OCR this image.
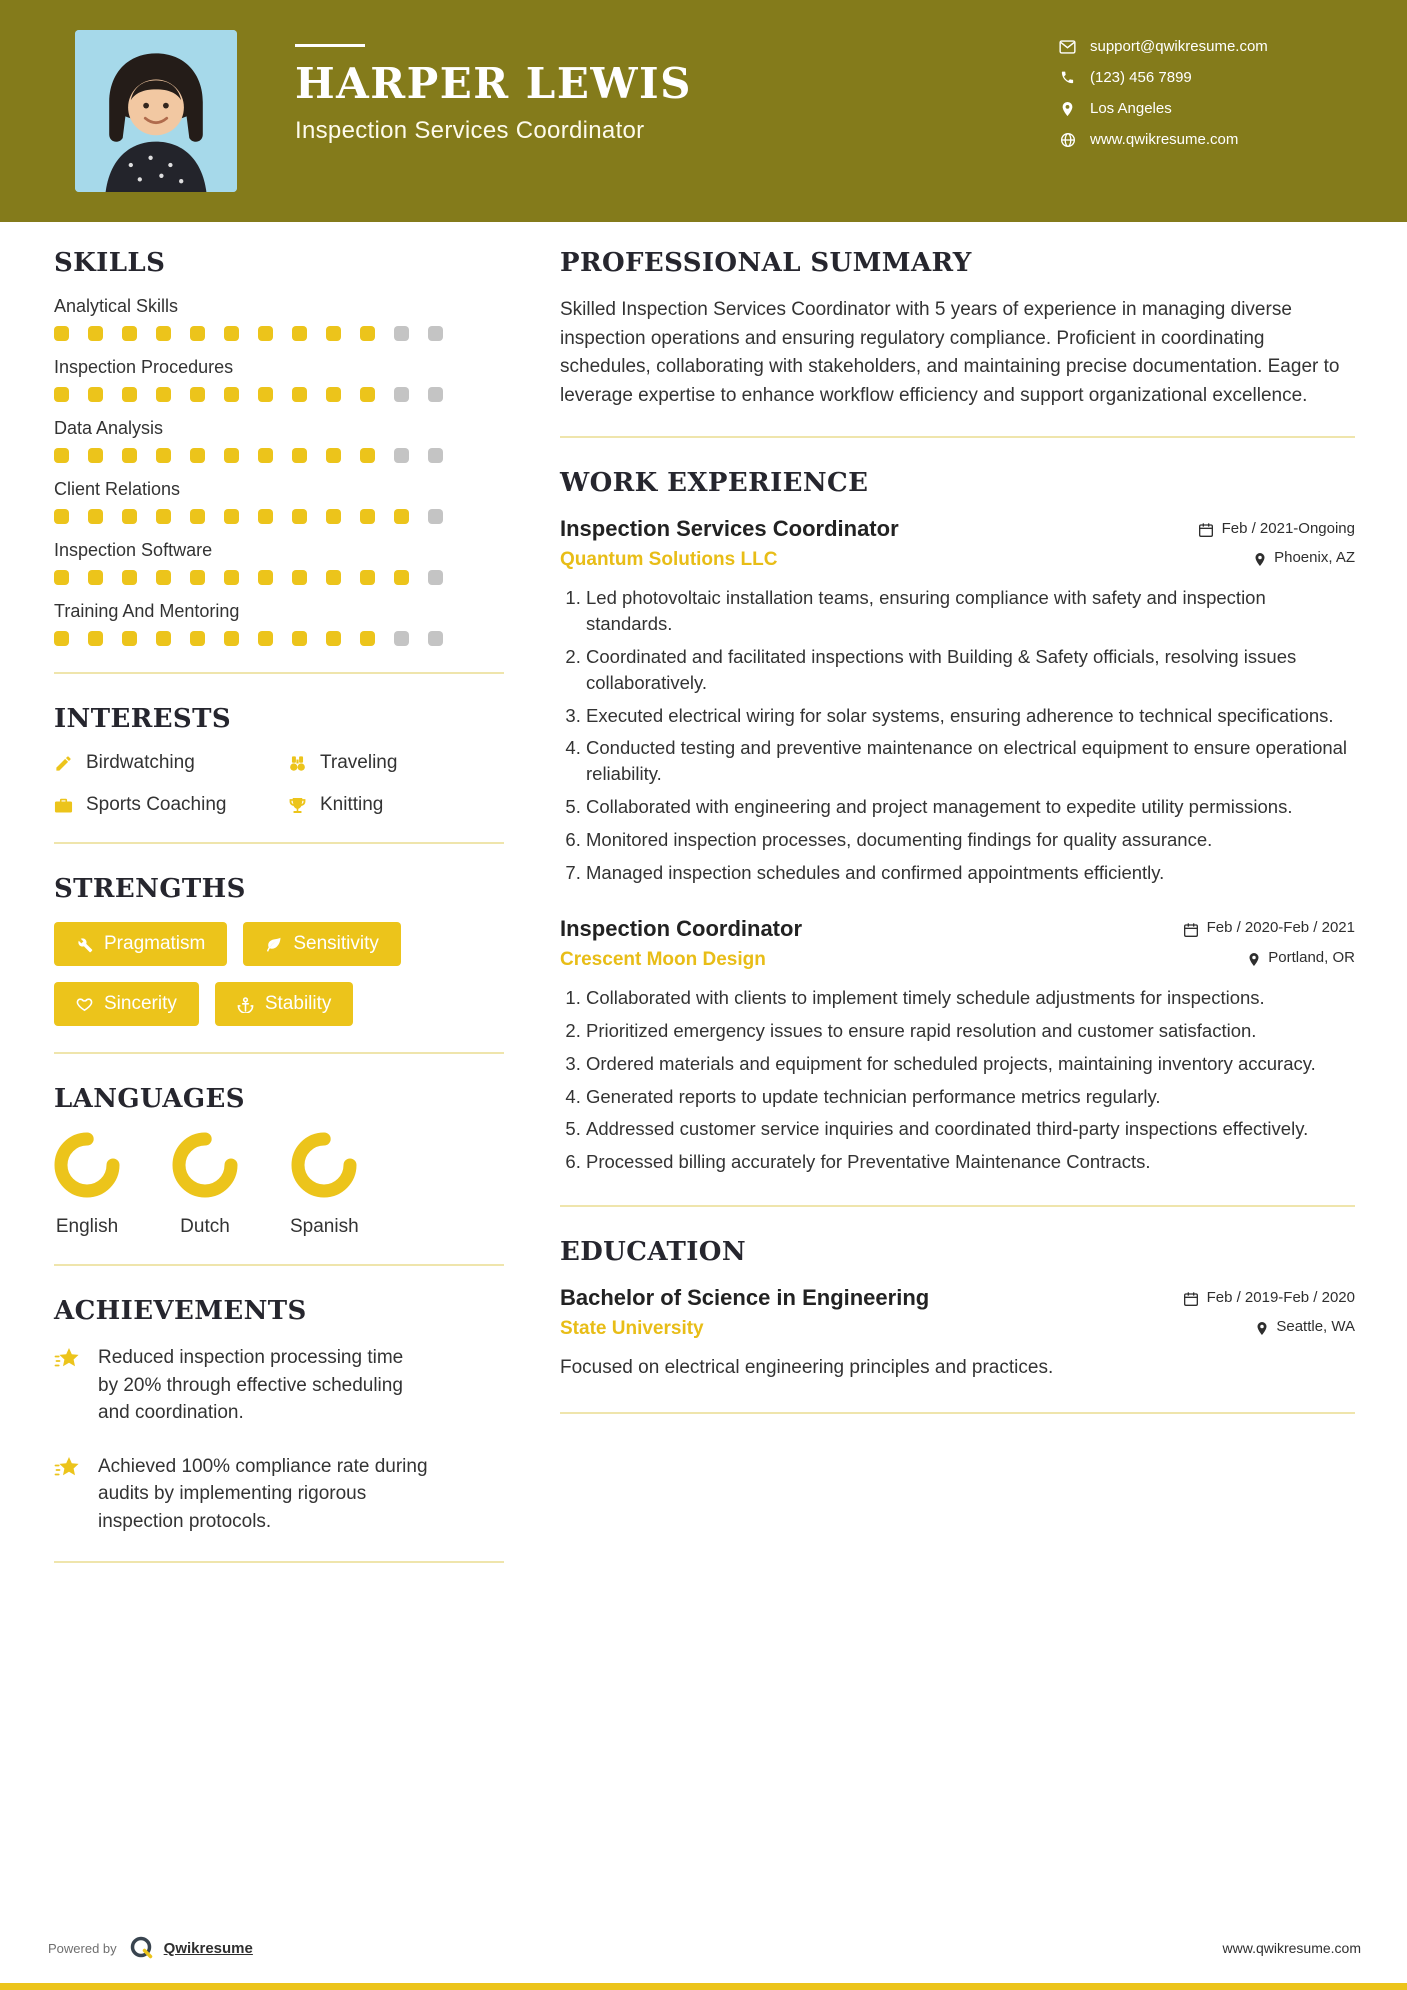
HARPER LEWIS
Inspection Services Coordinator
support@qwikresume.com
(123) 456 7899
Los Angeles
www.qwikresume.com
SKILLS
Analytical Skills
Inspection Procedures
Data Analysis
Client Relations
Inspection Software
Training And Mentoring
INTERESTS
Birdwatching	Traveling
Sports Coaching	Knitting
STRENGTHS
Pragmatism	Sensitivity
Sincerity	Stability
LANGUAGES
English	Dutch	Spanish
ACHIEVEMENTS

Reduced inspection processing time by 20% through effective scheduling and coordination.

Achieved 100% compliance rate during audits by implementing rigorous inspection protocols.

PROFESSIONAL SUMMARY

Skilled Inspection Services Coordinator with 5 years of experience in managing diverse inspection operations and ensuring regulatory compliance. Proficient in coordinating schedules, collaborating with stakeholders, and maintaining precise documentation. Eager to leverage expertise to enhance workflow efficiency and support organizational excellence.

WORK EXPERIENCE
Inspection Services Coordinator	Feb / 2021-Ongoing
Quantum Solutions LLC	Phoenix, AZ
1. Led photovoltaic installation teams, ensuring compliance with safety and inspection standards.
2. Coordinated and facilitated inspections with Building & Safety officials, resolving issues collaboratively.
3. Executed electrical wiring for solar systems, ensuring adherence to technical specifications.
4. Conducted testing and preventive maintenance on electrical equipment to ensure operational reliability.
5. Collaborated with engineering and project management to expedite utility permissions.
6. Monitored inspection processes, documenting findings for quality assurance.
7. Managed inspection schedules and confirmed appointments efficiently.
Inspection Coordinator	Feb / 2020-Feb / 2021
Crescent Moon Design	Portland, OR
1. Collaborated with clients to implement timely schedule adjustments for inspections.
2. Prioritized emergency issues to ensure rapid resolution and customer satisfaction.
3. Ordered materials and equipment for scheduled projects, maintaining inventory accuracy.
4. Generated reports to update technician performance metrics regularly.
5. Addressed customer service inquiries and coordinated third-party inspections effectively.
6. Processed billing accurately for Preventative Maintenance Contracts.
EDUCATION
Bachelor of Science in Engineering	Feb / 2019-Feb / 2020
State University	Seattle, WA

Focused on electrical engineering principles and practices.

Powered by	Qwikresume	www.qwikresume.com
